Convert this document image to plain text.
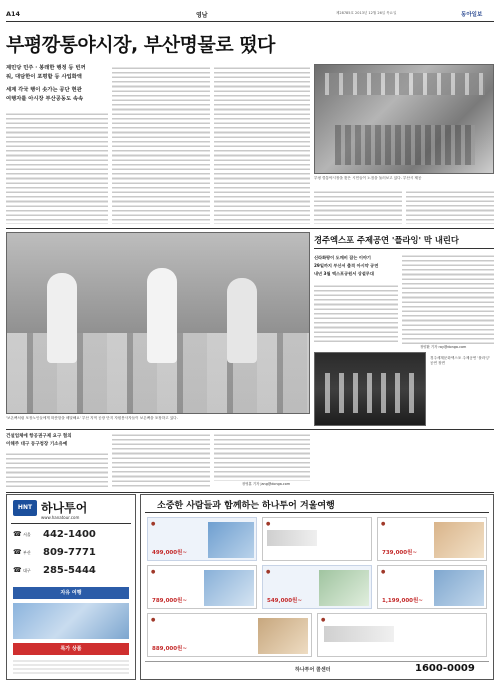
A14	영남	제28785호 2013년 12월 26일 목요일	동아일보
부평깡통야시장, 부산명물로 떴다
제민당 민주 · 봉래한 행정 등 빈꺼
워, 대담한이 포평할 등 사업화액
세계 각국 행이 솟가는 공단 현관
여행자를 아시장 부산공동도 속속
부평 깡통야시장을 찾은 시민들이 노점을 둘러보고 있다. 부산시 제공
'보온팩처럼 포장노인들에게 따뜻함을 배달해요' 부산 지역 공장 단지 자원봉사자들이 보온팩을 포장하고 있다.
경주엑스포 주제공연 '플라잉' 막 내린다
신라화랑이 도깨비 잡는 이야기
29일까지 부산서 출격 아시약 공연
내년 3월 엑스포공원서 상설무대
정양환 기자 ray@donga.com
경주세계문화엑스포 주제공연 '플라잉' 공연 장면
건설업체에 항공권구제 요구 혐의
이해주 대구 동구청장 기소유예
장영훈 기자 jang@donga.com
HNT 하나투어
www.hanatour.com
☎ 서울 442-1400
☎ 부산 809-7771
☎ 대구 285-5444
자유 여행
특가 상품
소중한 사람들과 함께하는 하나투어 겨울여행
●
499,000원~
●	●
739,000원~
●
789,000원~
●
549,000원~
●
1,199,000원~
●
889,000원~
●
하나투어 콜센터	1600-0009
